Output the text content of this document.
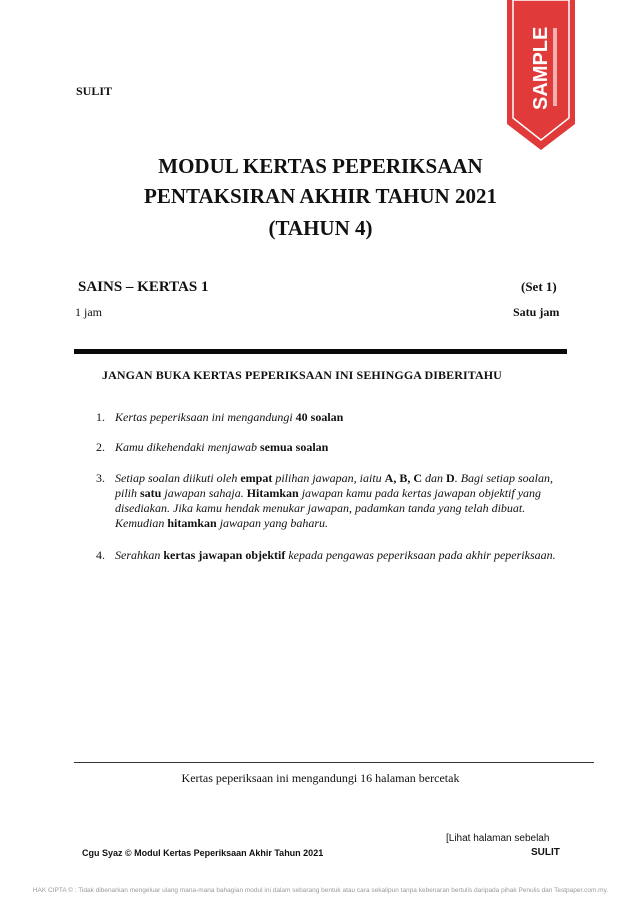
SAMPLE
SULIT
MODUL KERTAS PEPERIKSAAN
PENTAKSIRAN AKHIR TAHUN 2021
(TAHUN 4)
SAINS – KERTAS 1	(Set 1)
1 jam	Satu jam
JANGAN BUKA KERTAS PEPERIKSAAN INI SEHINGGA DIBERITAHU
1. Kertas peperiksaan ini mengandungi 40 soalan
2. Kamu dikehendaki menjawab semua soalan
3. Setiap soalan diikuti oleh empat pilihan jawapan, iaitu A, B, C dan D. Bagi setiap soalan, pilih satu jawapan sahaja. Hitamkan jawapan kamu pada kertas jawapan objektif yang disediakan. Jika kamu hendak menukar jawapan, padamkan tanda yang telah dibuat. Kemudian hitamkan jawapan yang baharu.
4. Serahkan kertas jawapan objektif kepada pengawas peperiksaan pada akhir peperiksaan.
Kertas peperiksaan ini mengandungi 16 halaman bercetak
[Lihat halaman sebelah
Cgu Syaz © Modul Kertas Peperiksaan Akhir Tahun 2021	SULIT
HAK CIPTA © : Tidak dibenarkan mengeluar ulang mana-mana bahagian modul ini dalam sebarang bentuk atau cara sekalipun tanpa kebenaran bertulis daripada pihak Penulis dan Testpaper.com.my.
